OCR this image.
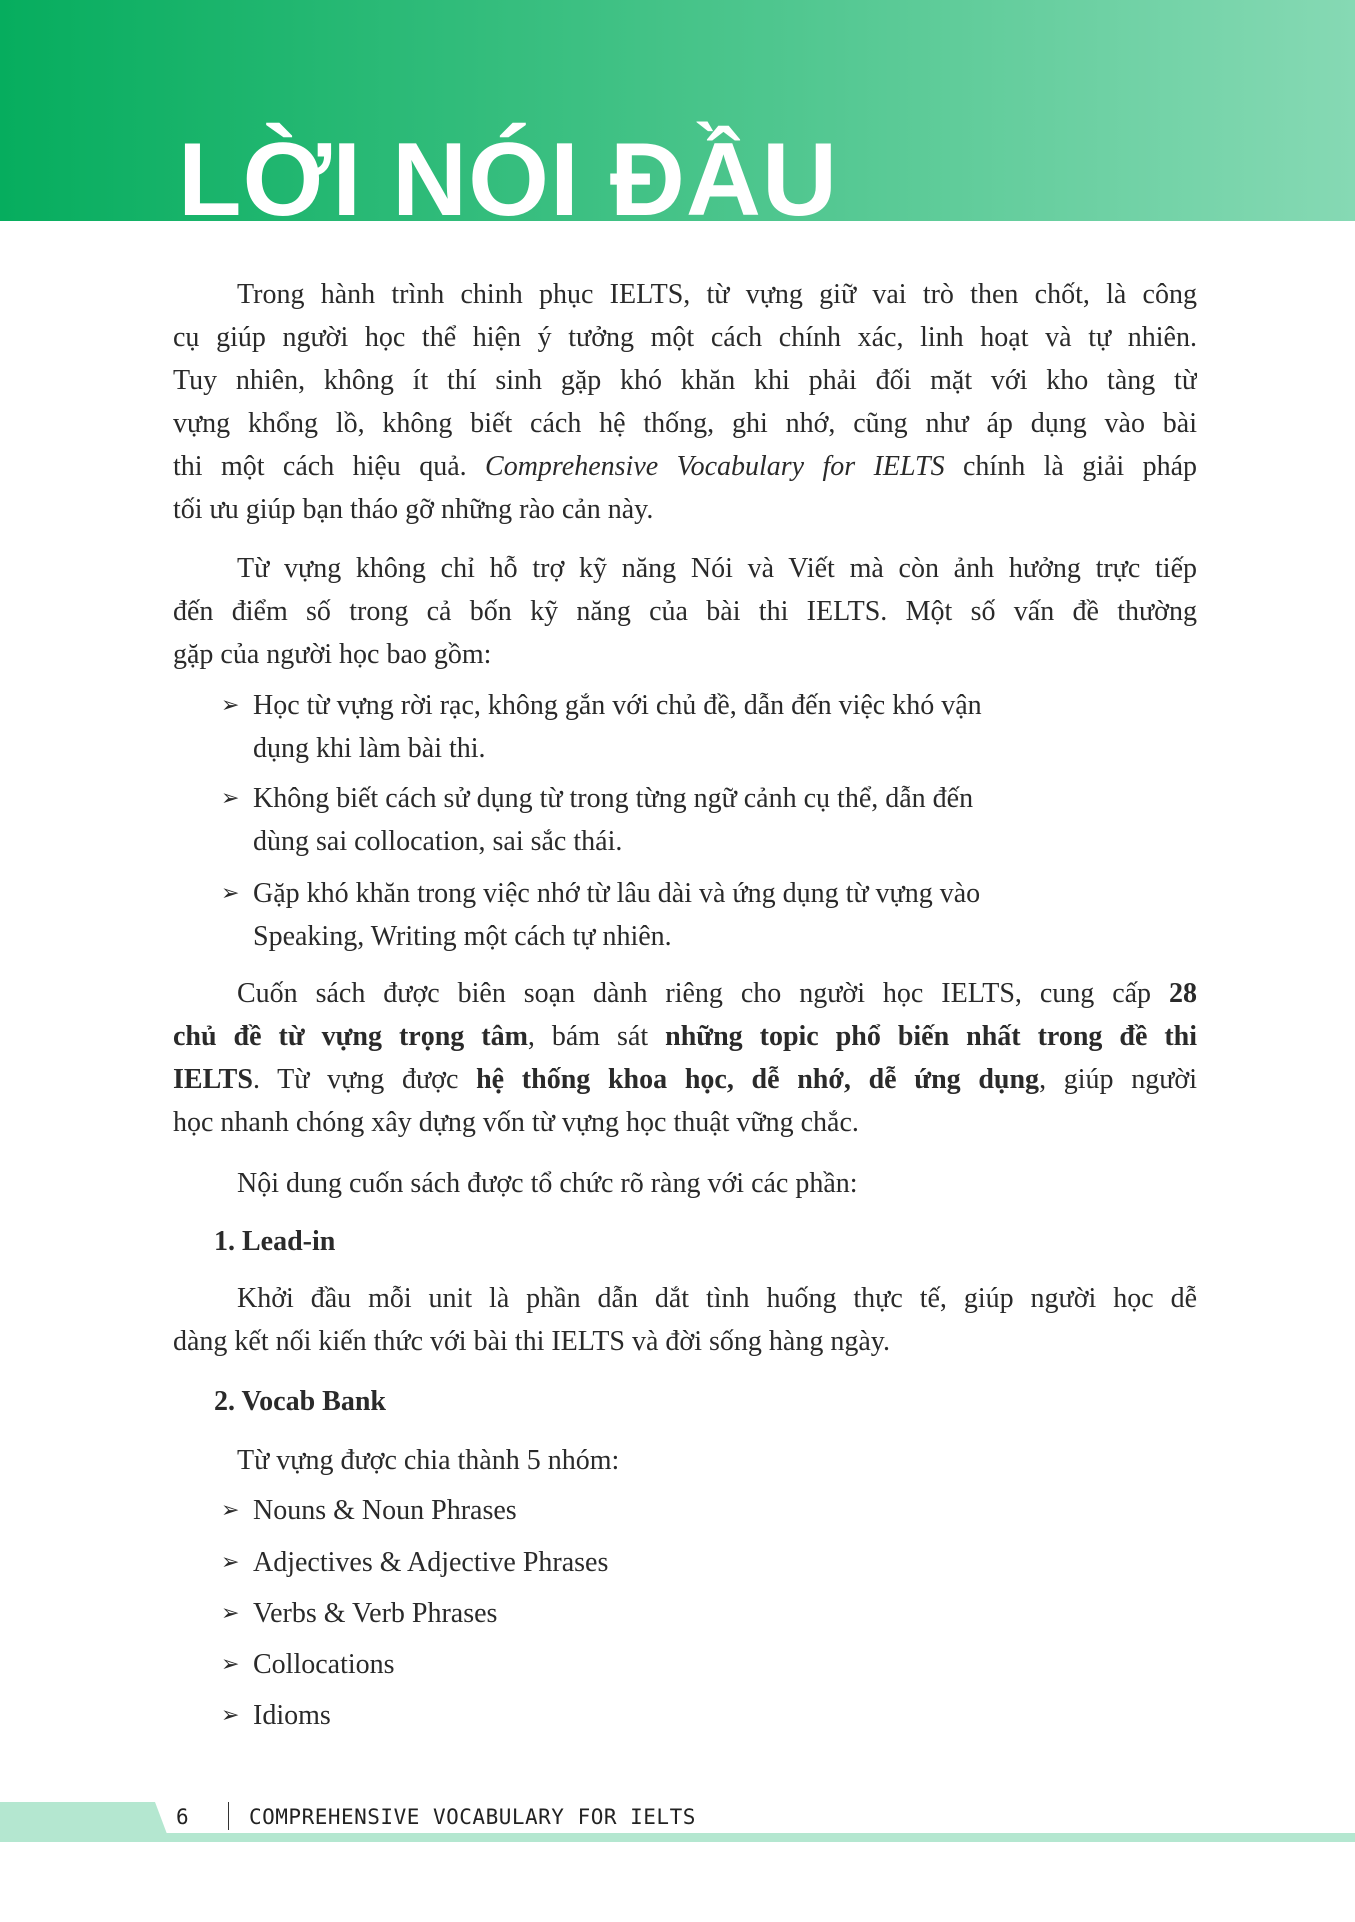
LỜI NÓI ĐẦU
Trong hành trình chinh phục IELTS, từ vựng giữ vai trò then chốt, là công
cụ giúp người học thể hiện ý tưởng một cách chính xác, linh hoạt và tự nhiên.
Tuy nhiên, không ít thí sinh gặp khó khăn khi phải đối mặt với kho tàng từ
vựng khổng lồ, không biết cách hệ thống, ghi nhớ, cũng như áp dụng vào bài
thi một cách hiệu quả. Comprehensive Vocabulary for IELTS chính là giải pháp
tối ưu giúp bạn tháo gỡ những rào cản này.
Từ vựng không chỉ hỗ trợ kỹ năng Nói và Viết mà còn ảnh hưởng trực tiếp
đến điểm số trong cả bốn kỹ năng của bài thi IELTS. Một số vấn đề thường
gặp của người học bao gồm:
➢ Học từ vựng rời rạc, không gắn với chủ đề, dẫn đến việc khó vận
dụng khi làm bài thi.
➢ Không biết cách sử dụng từ trong từng ngữ cảnh cụ thể, dẫn đến
dùng sai collocation, sai sắc thái.
➢ Gặp khó khăn trong việc nhớ từ lâu dài và ứng dụng từ vựng vào
Speaking, Writing một cách tự nhiên.
Cuốn sách được biên soạn dành riêng cho người học IELTS, cung cấp 28
chủ đề từ vựng trọng tâm, bám sát những topic phổ biến nhất trong đề thi
IELTS. Từ vựng được hệ thống khoa học, dễ nhớ, dễ ứng dụng, giúp người
học nhanh chóng xây dựng vốn từ vựng học thuật vững chắc.
Nội dung cuốn sách được tổ chức rõ ràng với các phần:
1. Lead-in
Khởi đầu mỗi unit là phần dẫn dắt tình huống thực tế, giúp người học dễ
dàng kết nối kiến thức với bài thi IELTS và đời sống hàng ngày.
2. Vocab Bank
Từ vựng được chia thành 5 nhóm:
➢ Nouns & Noun Phrases
➢ Adjectives & Adjective Phrases
➢ Verbs & Verb Phrases
➢ Collocations
➢ Idioms
6	COMPREHENSIVE VOCABULARY FOR IELTS
